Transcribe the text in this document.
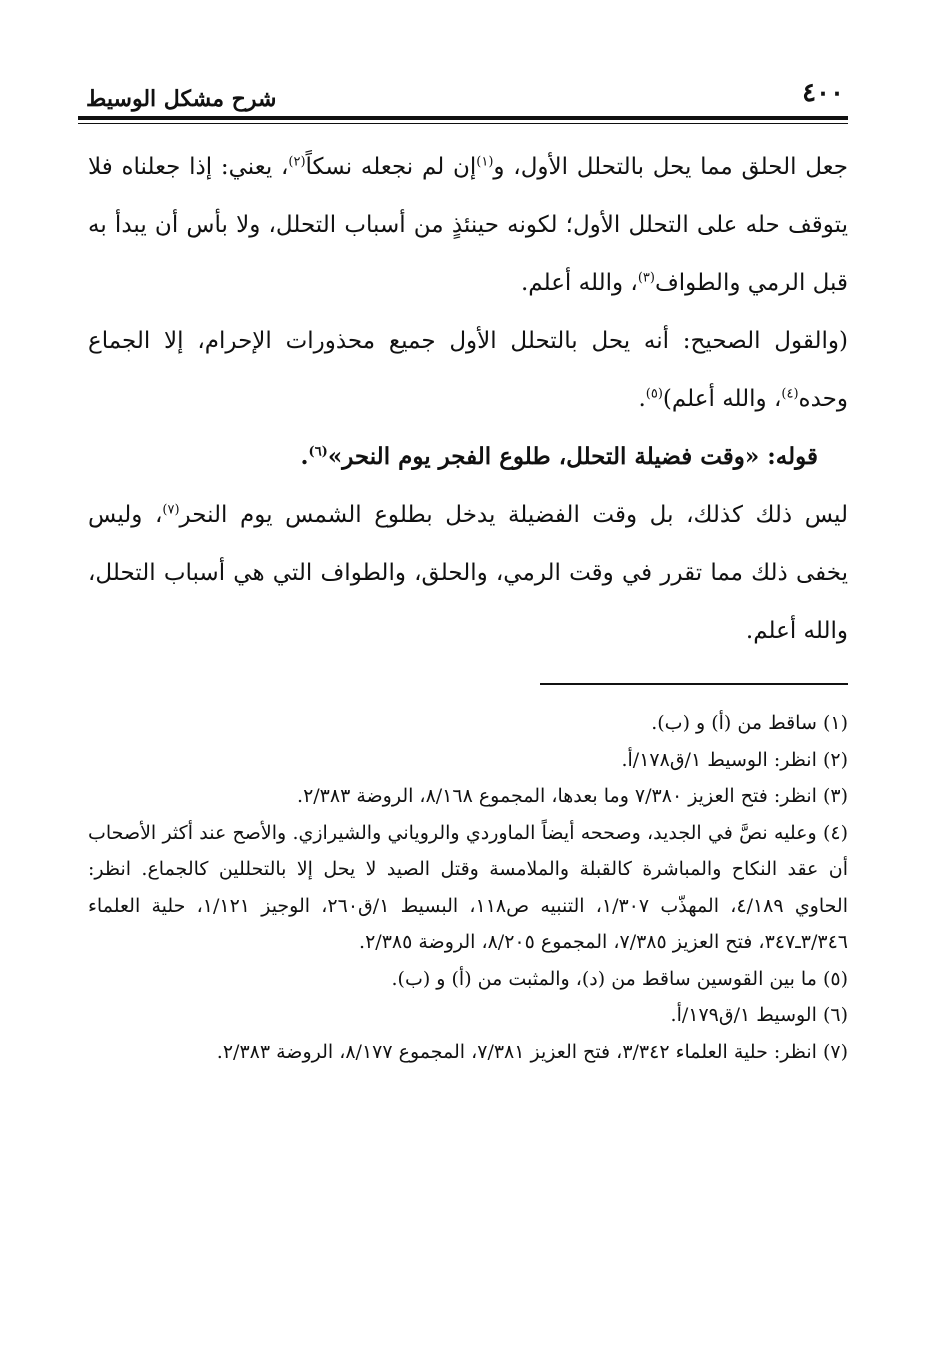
٤٠٠
شرح مشكل الوسيط

جعل الحلق مما يحل بالتحلل الأول، و$^{(١)}$إن لم نجعله نسكاً$^{(٢)}$، يعني: إذا جعلناه فلا يتوقف حله على التحلل الأول؛ لكونه حينئذٍ من أسباب التحلل، ولا بأس أن يبدأ به قبل الرمي والطواف$^{(٣)}$، والله أعلم.

(والقول الصحيح: أنه يحل بالتحلل الأول جميع محذورات الإحرام، إلا الجماع وحده$^{(٤)}$، والله أعلم)$^{(٥)}$.

قوله: «وقت فضيلة التحلل، طلوع الفجر يوم النحر»$^{(٦)}$.

ليس ذلك كذلك، بل وقت الفضيلة يدخل بطلوع الشمس يوم النحر$^{(٧)}$، وليس يخفى ذلك مما تقرر في وقت الرمي، والحلق، والطواف التي هي أسباب التحلل، والله أعلم.

(١) ساقط من (أ) و (ب).

(٢) انظر: الوسيط ١/ق١٧٨/أ.

(٣) انظر: فتح العزيز ٧/٣٨٠ وما بعدها، المجموع ٨/١٦٨، الروضة ٢/٣٨٣.

(٤) وعليه نصَّ في الجديد، وصححه أيضاً الماوردي والروياني والشيرازي. والأصح عند أكثر الأصحاب أن عقد النكاح والمباشرة كالقبلة والملامسة وقتل الصيد لا يحل إلا بالتحللين كالجماع. انظر: الحاوي ٤/١٨٩، المهذّب ١/٣٠٧، التنبيه ص١١٨، البسيط ١/ق٢٦٠، الوجيز ١/١٢١، حلية العلماء ٣/٣٤٦ـ٣٤٧، فتح العزيز ٧/٣٨٥، المجموع ٨/٢٠٥، الروضة ٢/٣٨٥.

(٥) ما بين القوسين ساقط من (د)، والمثبت من (أ) و (ب).

(٦) الوسيط ١/ق١٧٩/أ.

(٧) انظر: حلية العلماء ٣/٣٤٢، فتح العزيز ٧/٣٨١، المجموع ٨/١٧٧، الروضة ٢/٣٨٣.
